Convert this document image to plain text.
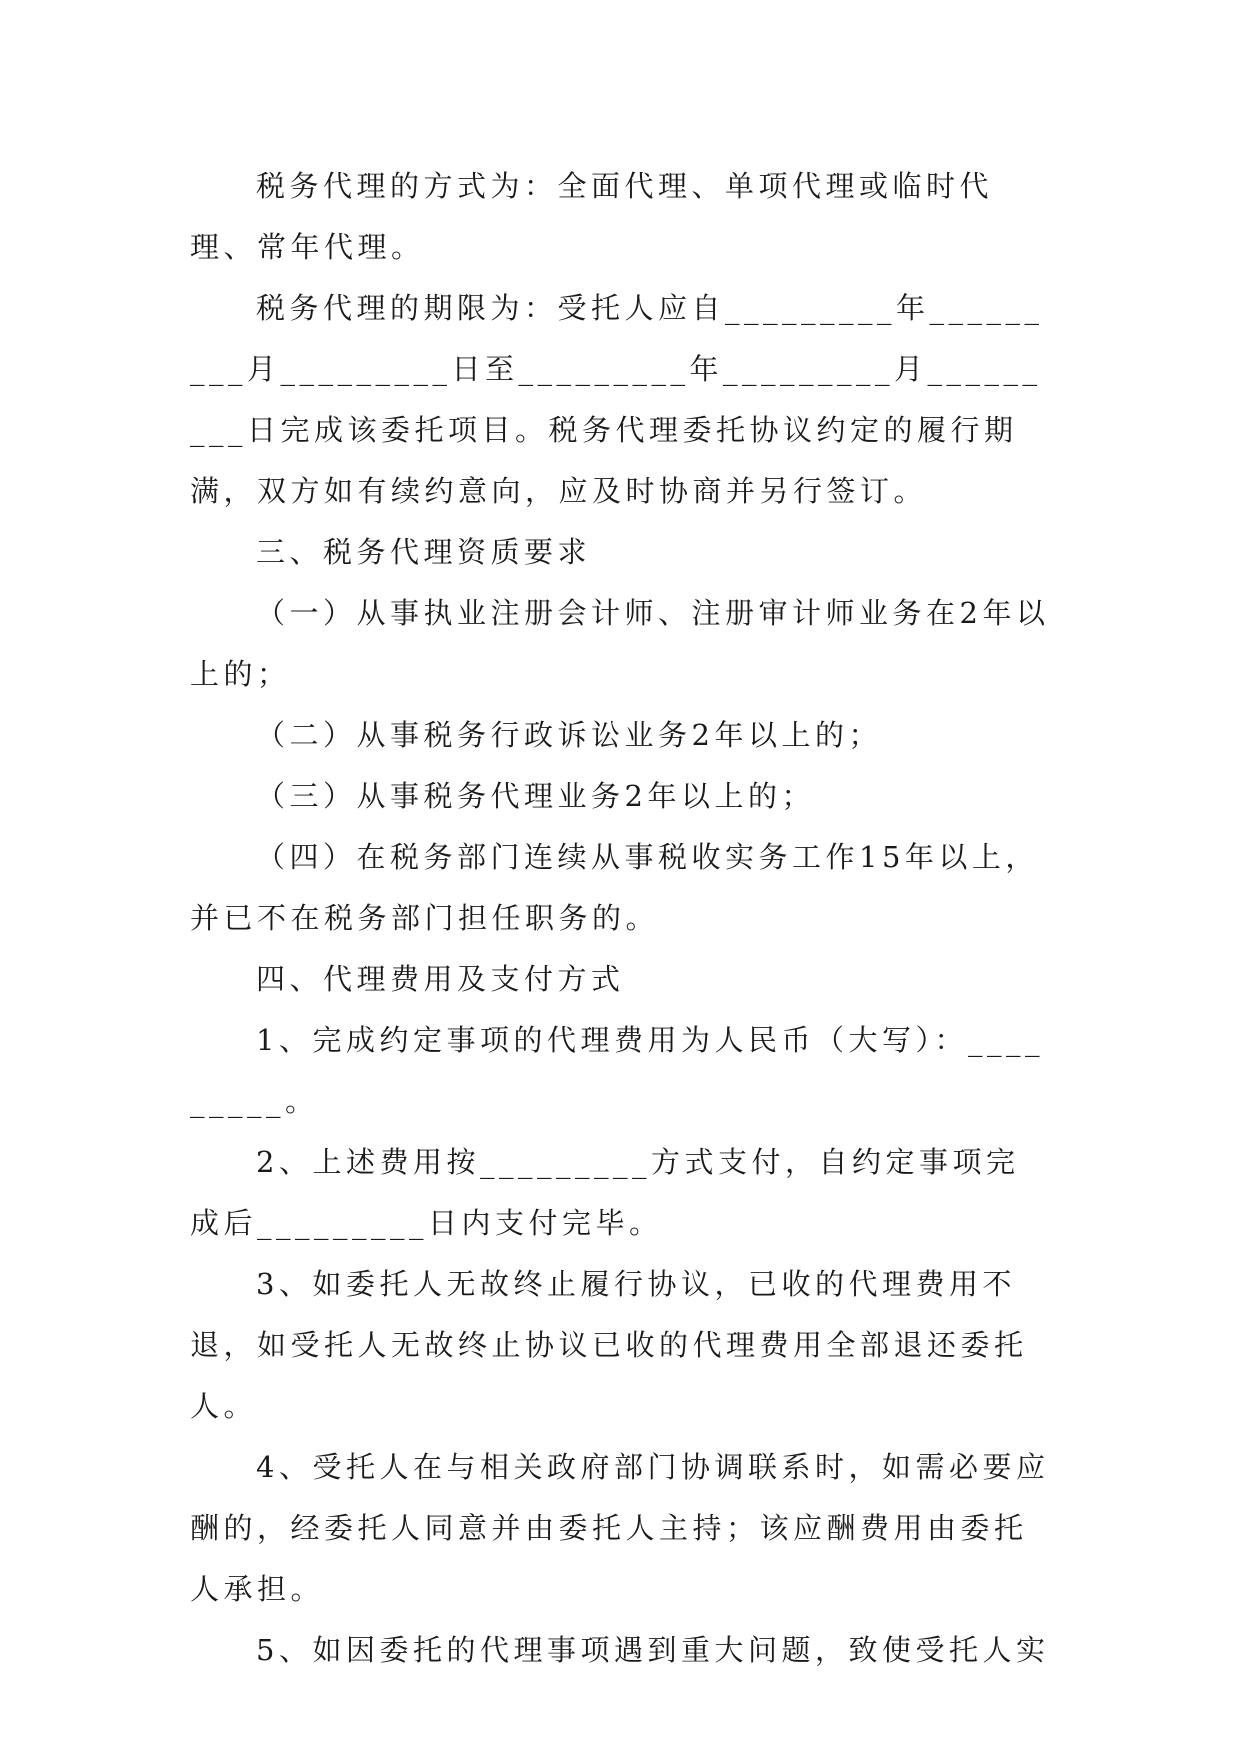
税务代理的方式为：全面代理、单项代理或临时代理、常年代理。

税务代理的期限为：受托人应自_________年_________月_________日至_________年_________月_________日完成该委托项目。税务代理委托协议约定的履行期满，双方如有续约意向，应及时协商并另行签订。

三、税务代理资质要求

（一）从事执业注册会计师、注册审计师业务在2年以上的；

（二）从事税务行政诉讼业务2年以上的；

（三）从事税务代理业务2年以上的；

（四）在税务部门连续从事税收实务工作15年以上，并已不在税务部门担任职务的。

四、代理费用及支付方式

1、完成约定事项的代理费用为人民币（大写）：_________。

2、上述费用按_________方式支付，自约定事项完成后_________日内支付完毕。

3、如委托人无故终止履行协议，已收的代理费用不退，如受托人无故终止协议已收的代理费用全部退还委托人。

4、受托人在与相关政府部门协调联系时，如需必要应酬的，经委托人同意并由委托人主持；该应酬费用由委托人承担。

5、如因委托的代理事项遇到重大问题，致使受托人实
